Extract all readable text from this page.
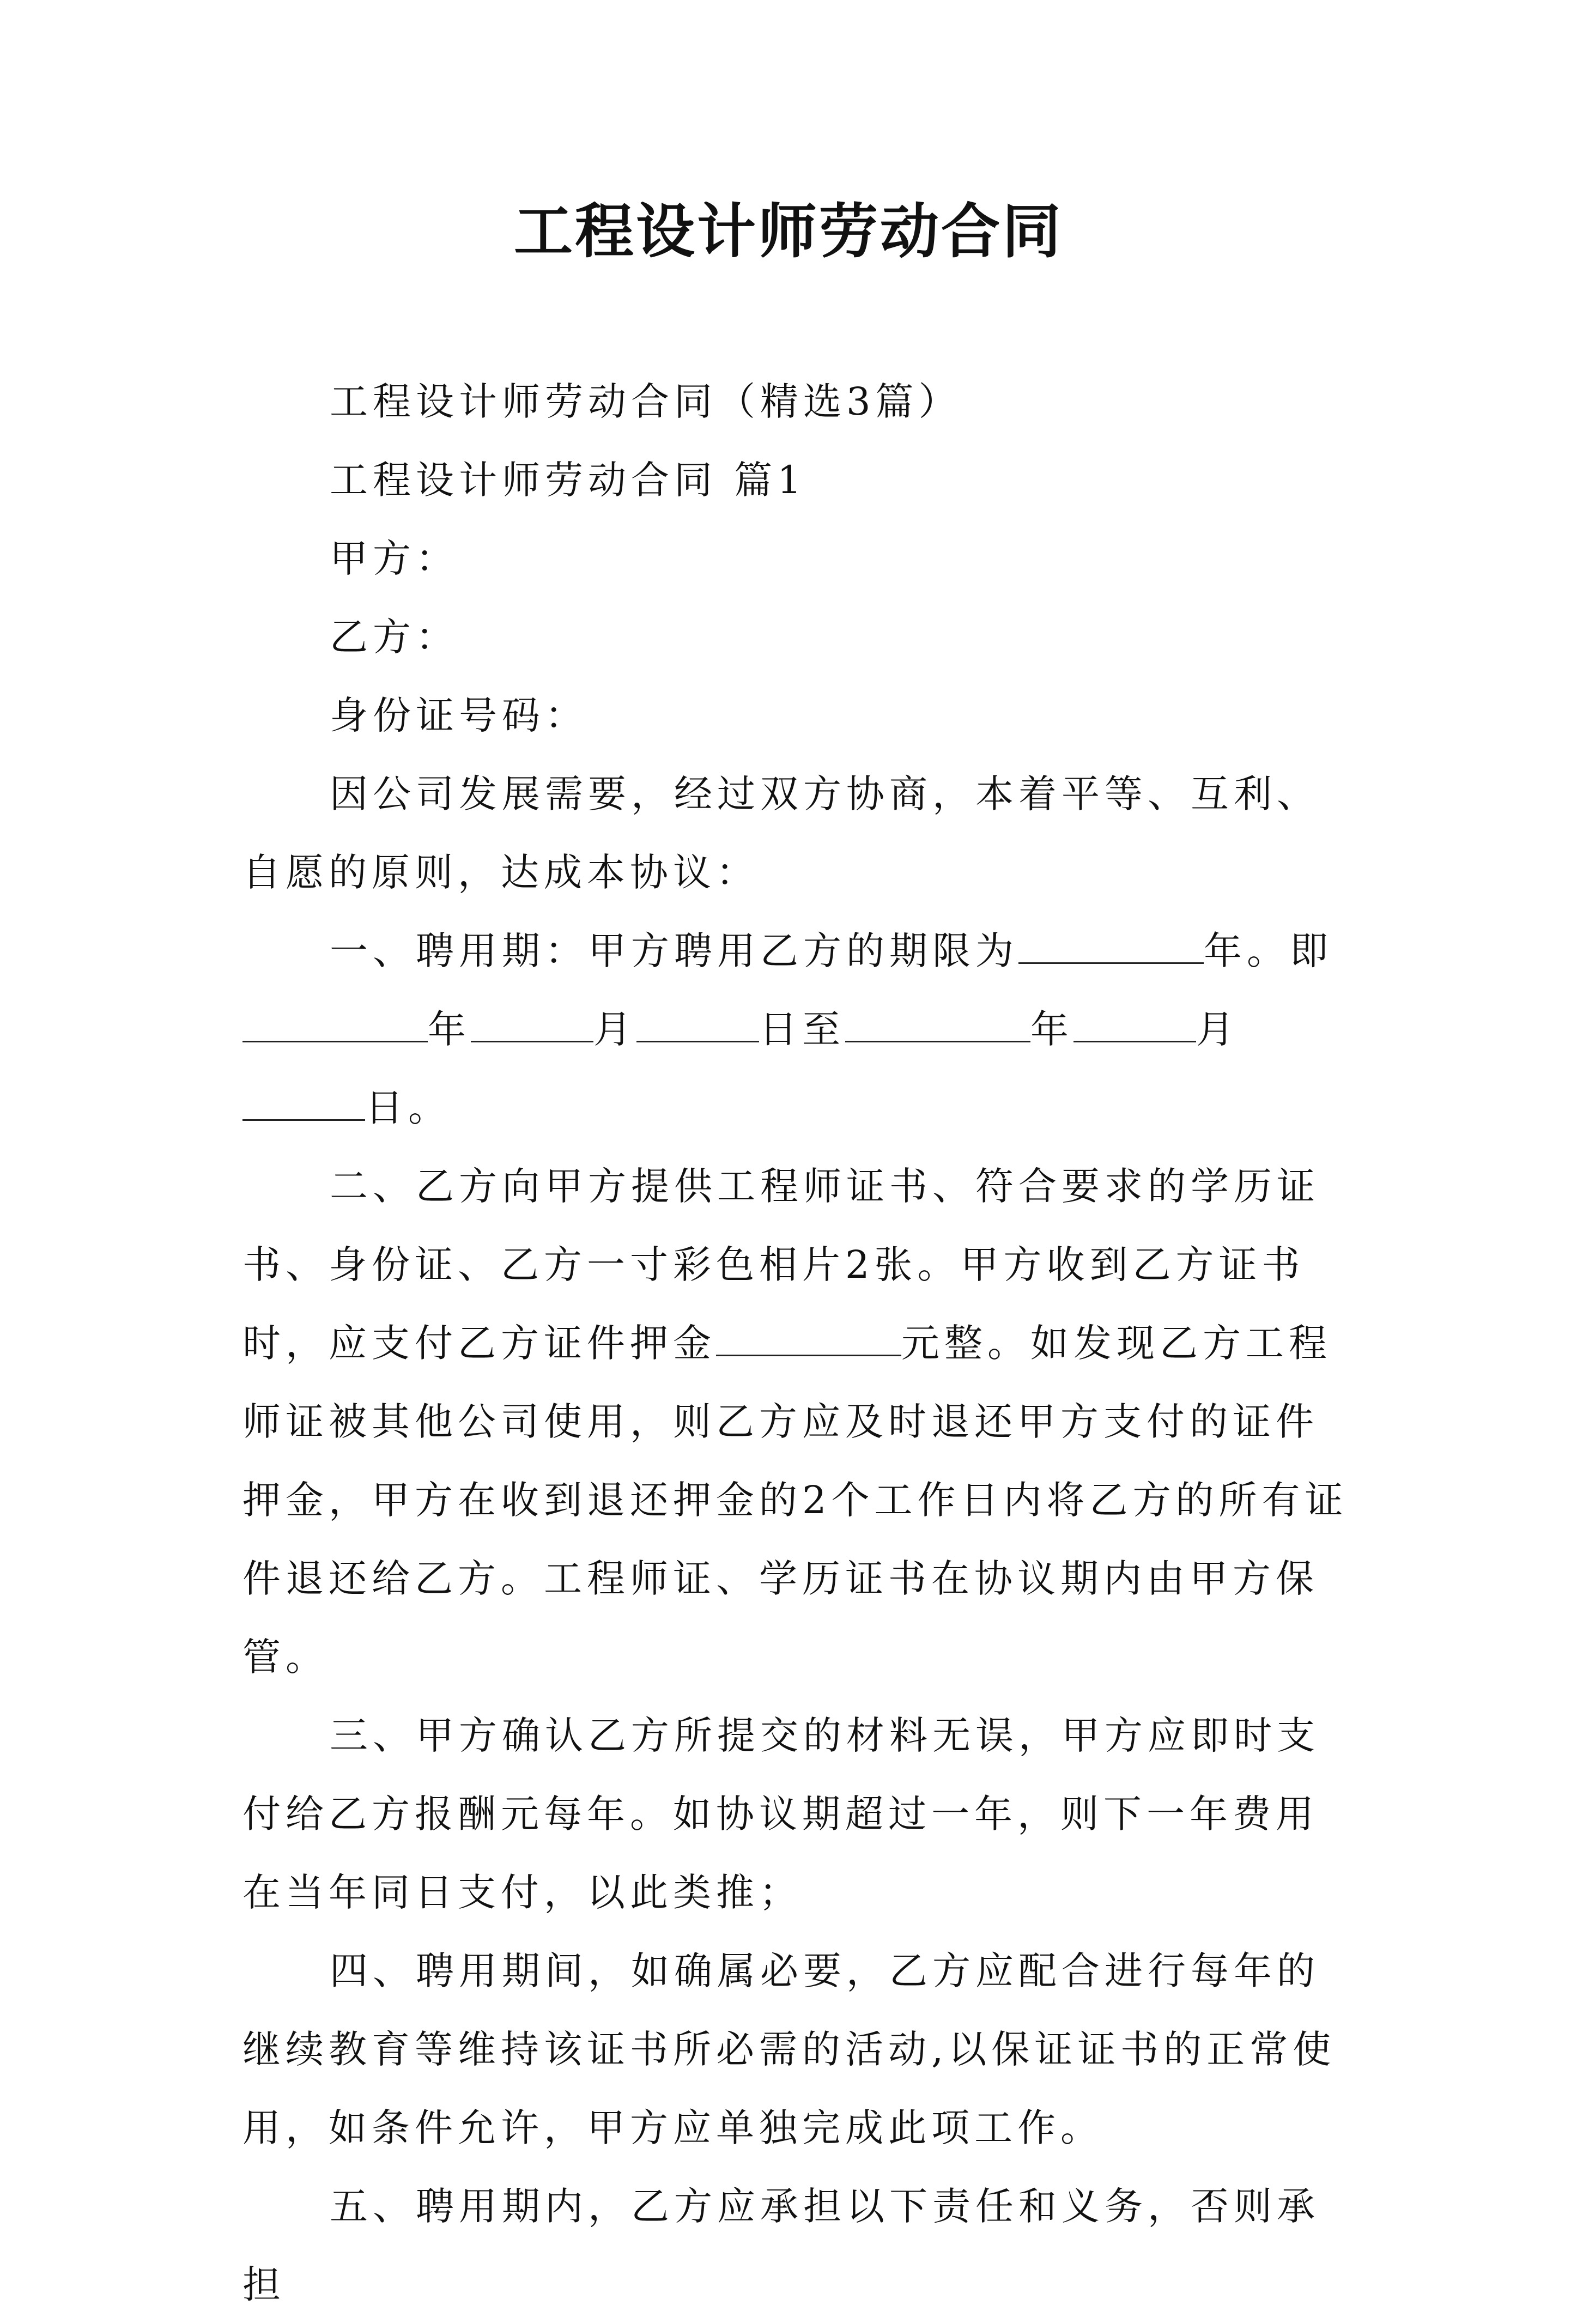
工程设计师劳动合同

工程设计师劳动合同（精选3篇）

工程设计师劳动合同 篇1

甲方：

乙方：

身份证号码：

因公司发展需要，经过双方协商，本着平等、互利、自愿的原则，达成本协议：

一、聘用期：甲方聘用乙方的期限为	年。即年	月	日至	年	月日。

二、乙方向甲方提供工程师证书、符合要求的学历证书、身份证、乙方一寸彩色相片2张。甲方收到乙方证书时，应支付乙方证件押金	元整。如发现乙方工程师证被其他公司使用，则乙方应及时退还甲方支付的证件押金，甲方在收到退还押金的2个工作日内将乙方的所有证件退还给乙方。工程师证、学历证书在协议期内由甲方保管。

三、甲方确认乙方所提交的材料无误，甲方应即时支付给乙方报酬元每年。如协议期超过一年，则下一年费用在当年同日支付，以此类推；

四、聘用期间，如确属必要，乙方应配合进行每年的继续教育等维持该证书所必需的活动,以保证证书的正常使用，如条件允许，甲方应单独完成此项工作。

五、聘用期内，乙方应承担以下责任和义务，否则承担
